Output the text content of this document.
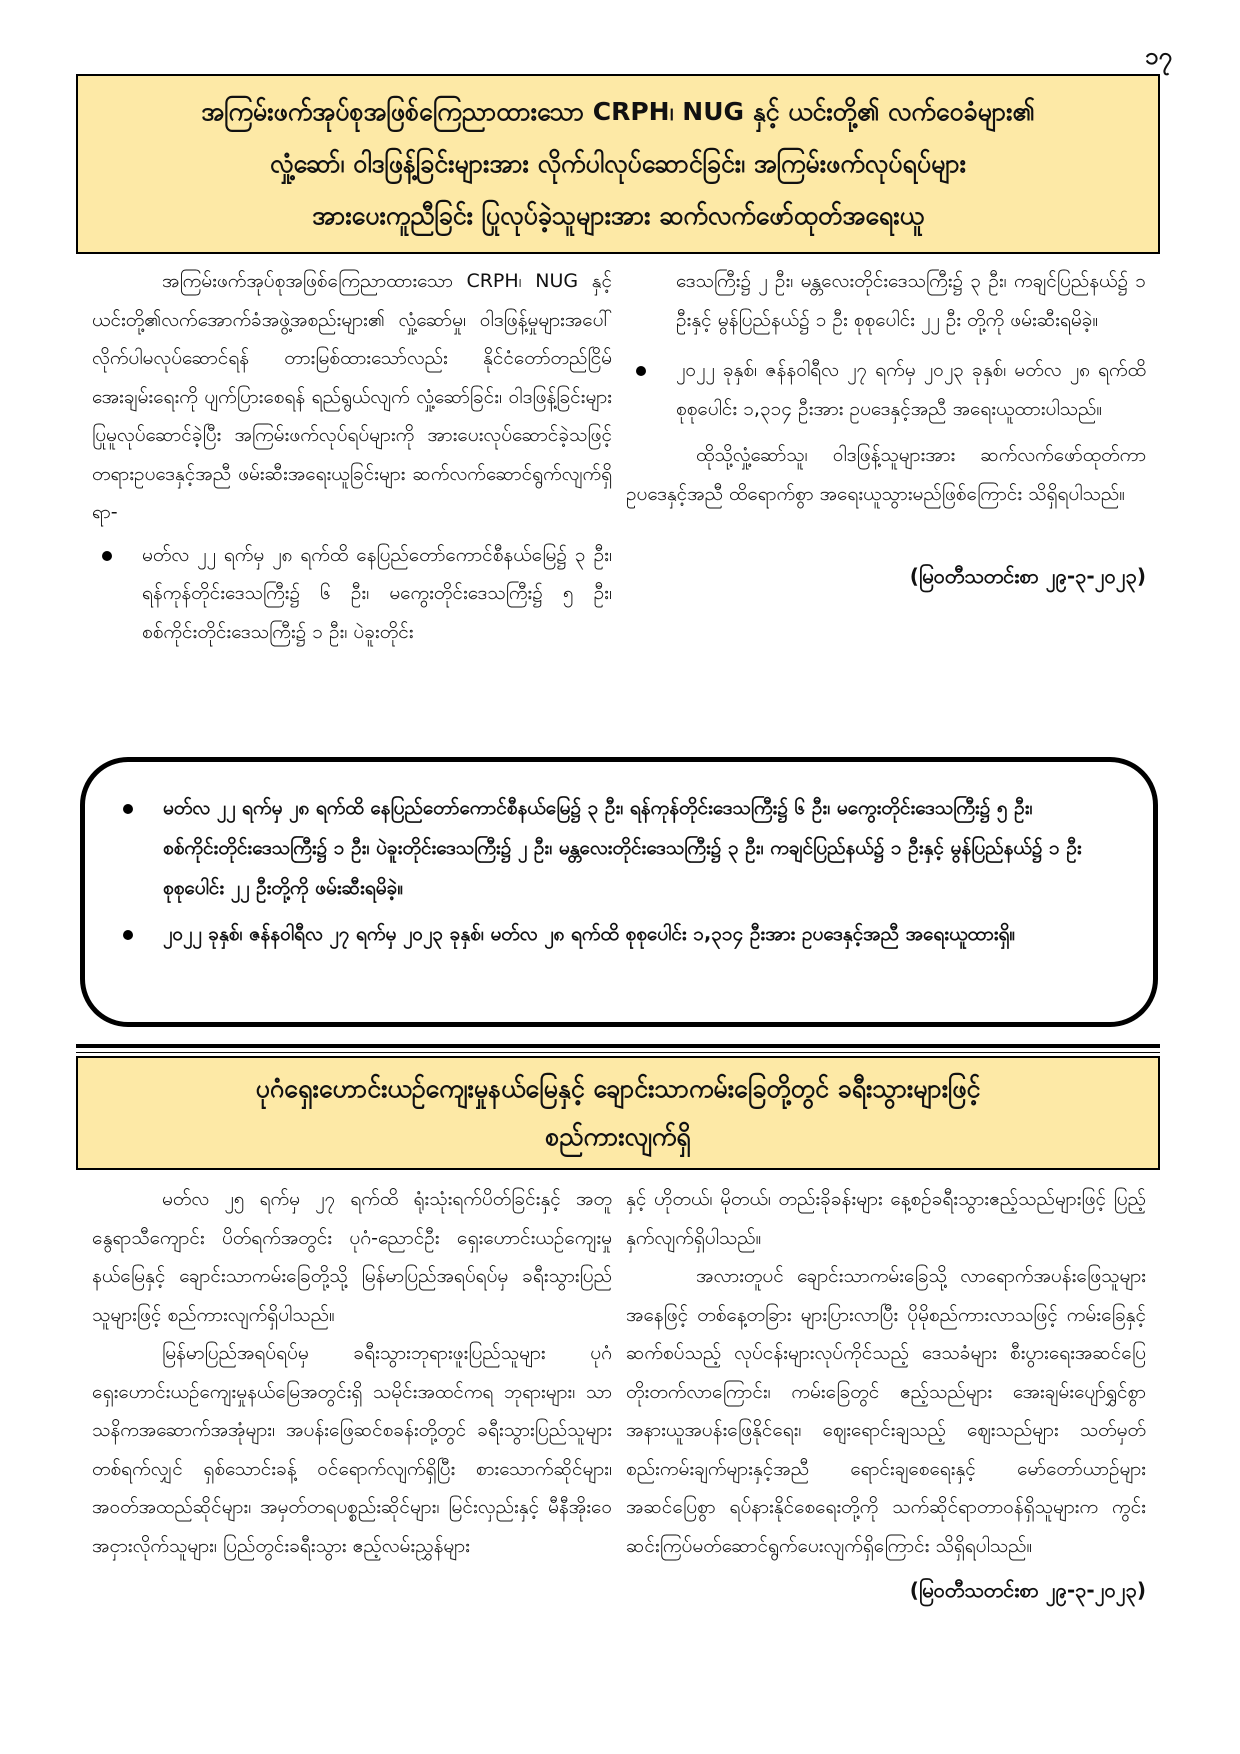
၁၇
အကြမ်းဖက်အုပ်စုအဖြစ်ကြေညာထားသော CRPH၊ NUG နှင့် ယင်းတို့၏ လက်ဝေခံများ၏
လှုံ့ဆော်၊ ဝါဒဖြန့်ခြင်းများအား လိုက်ပါလုပ်ဆောင်ခြင်း၊ အကြမ်းဖက်လုပ်ရပ်များ
အားပေးကူညီခြင်း ပြုလုပ်ခဲ့သူများအား ဆက်လက်ဖော်ထုတ်အရေးယူ

အကြမ်းဖက်အုပ်စုအဖြစ်ကြေညာထားသော CRPH၊ NUG နှင့် ယင်းတို့၏လက်အောက်ခံအဖွဲ့အစည်းများ၏ လှုံ့ဆော်မှု၊ ဝါဒဖြန့်မှုများအပေါ် လိုက်ပါမလုပ်ဆောင်ရန် တားမြစ်ထားသော်လည်း နိုင်ငံတော်တည်ငြိမ်အေးချမ်းရေးကို ပျက်ပြားစေရန် ရည်ရွယ်လျက် လှုံ့ဆော်ခြင်း၊ ဝါဒဖြန့်ခြင်းများ ပြုမူလုပ်ဆောင်ခဲ့ပြီး အကြမ်းဖက်လုပ်ရပ်များကို အားပေးလုပ်ဆောင်ခဲ့သဖြင့် တရားဥပဒေနှင့်အညီ ဖမ်းဆီးအရေးယူခြင်းများ ဆက်လက်ဆောင်ရွက်လျက်ရှိရာ-

မတ်လ ၂၂ ရက်မှ ၂၈ ရက်ထိ နေပြည်တော်ကောင်စီနယ်မြေ၌ ၃ ဦး၊ ရန်ကုန်တိုင်းဒေသကြီး၌ ၆ ဦး၊ မကွေးတိုင်းဒေသကြီး၌ ၅ ဦး၊ စစ်ကိုင်းတိုင်းဒေသကြီး၌ ၁ ဦး၊ ပဲခူးတိုင်း
ဒေသကြီး၌ ၂ ဦး၊ မန္တလေးတိုင်းဒေသကြီး၌ ၃ ဦး၊ ကချင်ပြည်နယ်၌ ၁ ဦးနှင့် မွန်ပြည်နယ်၌ ၁ ဦး စုစုပေါင်း ၂၂ ဦး တို့ကို ဖမ်းဆီးရမိခဲ့။
၂၀၂၂ ခုနှစ်၊ ဇန်နဝါရီလ ၂၇ ရက်မှ ၂၀၂၃ ခုနှစ်၊ မတ်လ ၂၈ ရက်ထိ စုစုပေါင်း ၁,၃၁၄ ဦးအား ဥပဒေနှင့်အညီ အရေးယူထားပါသည်။

ထိုသို့လှုံ့ဆော်သူ၊ ဝါဒဖြန့်သူများအား ဆက်လက်ဖော်ထုတ်ကာ ဥပဒေနှင့်အညီ ထိရောက်စွာ အရေးယူသွားမည်ဖြစ်ကြောင်း သိရှိရပါသည်။

(မြဝတီသတင်းစာ ၂၉-၃-၂၀၂၃)

မတ်လ ၂၂ ရက်မှ ၂၈ ရက်ထိ နေပြည်တော်ကောင်စီနယ်မြေ၌ ၃ ဦး၊ ရန်ကုန်တိုင်းဒေသကြီး၌ ၆ ဦး၊ မကွေးတိုင်းဒေသကြီး၌ ၅ ဦး၊ စစ်ကိုင်းတိုင်းဒေသကြီး၌ ၁ ဦး၊ ပဲခူးတိုင်းဒေသကြီး၌ ၂ ဦး၊ မန္တလေးတိုင်းဒေသကြီး၌ ၃ ဦး၊ ကချင်ပြည်နယ်၌ ၁ ဦးနှင့် မွန်ပြည်နယ်၌ ၁ ဦး စုစုပေါင်း ၂၂ ဦးတို့ကို ဖမ်းဆီးရမိခဲ့။
၂၀၂၂ ခုနှစ်၊ ဇန်နဝါရီလ ၂၇ ရက်မှ ၂၀၂၃ ခုနှစ်၊ မတ်လ ၂၈ ရက်ထိ စုစုပေါင်း ၁,၃၁၄ ဦးအား ဥပဒေနှင့်အညီ အရေးယူထားရှိ။
ပုဂံရှေးဟောင်းယဉ်ကျေးမှုနယ်မြေနှင့် ချောင်းသာကမ်းခြေတို့တွင် ခရီးသွားများဖြင့်
စည်ကားလျက်ရှိ

မတ်လ ၂၅ ရက်မှ ၂၇ ရက်ထိ ရုံးသုံးရက်ပိတ်ခြင်းနှင့် အတူ နွေရာသီကျောင်း ပိတ်ရက်အတွင်း ပုဂံ-ညောင်ဦး ရှေးဟောင်းယဉ်ကျေးမှုနယ်မြေနှင့် ချောင်းသာကမ်းခြေတို့သို့ မြန်မာပြည်အရပ်ရပ်မှ ခရီးသွားပြည်သူများဖြင့် စည်ကားလျက်ရှိပါသည်။

မြန်မာပြည်အရပ်ရပ်မှ ခရီးသွားဘုရားဖူးပြည်သူများ ပုဂံရှေးဟောင်းယဉ်ကျေးမှုနယ်မြေအတွင်းရှိ သမိုင်းအထင်ကရ ဘုရားများ၊ သာသနိကအဆောက်အအုံများ၊ အပန်းဖြေဆင်စခန်းတို့တွင် ခရီးသွားပြည်သူများ တစ်ရက်လျှင် ရှစ်သောင်းခန့် ဝင်ရောက်လျက်ရှိပြီး စားသောက်ဆိုင်များ၊ အဝတ်အထည်ဆိုင်များ၊ အမှတ်တရပစ္စည်းဆိုင်များ၊ မြင်းလှည်းနှင့် မီနီအိုးဝေအငှားလိုက်သူများ၊ ပြည်တွင်းခရီးသွား ဧည့်လမ်းညွှန်များ

နှင့် ဟိုတယ်၊ မိုတယ်၊ တည်းခိုခန်းများ နေ့စဉ်ခရီးသွားဧည့်သည်များဖြင့် ပြည့်နှက်လျက်ရှိပါသည်။

အလားတူပင် ချောင်းသာကမ်းခြေသို့ လာရောက်အပန်းဖြေသူများအနေဖြင့် တစ်နေ့တခြား များပြားလာပြီး ပိုမိုစည်ကားလာသဖြင့် ကမ်းခြေနှင့်ဆက်စပ်သည့် လုပ်ငန်းများလုပ်ကိုင်သည့် ဒေသခံများ စီးပွားရေးအဆင်ပြေတိုးတက်လာကြောင်း၊ ကမ်းခြေတွင် ဧည့်သည်များ အေးချမ်းပျော်ရွှင်စွာ အနားယူအပန်းဖြေနိုင်ရေး၊ ဈေးရောင်းချသည့် ဈေးသည်များ သတ်မှတ်စည်းကမ်းချက်များနှင့်အညီ ရောင်းချစေရေးနှင့် မော်တော်ယာဉ်များ အဆင်ပြေစွာ ရပ်နားနိုင်စေရေးတို့ကို သက်ဆိုင်ရာတာဝန်ရှိသူများက ကွင်းဆင်းကြပ်မတ်ဆောင်ရွက်ပေးလျက်ရှိကြောင်း သိရှိရပါသည်။

(မြဝတီသတင်းစာ ၂၉-၃-၂၀၂၃)
